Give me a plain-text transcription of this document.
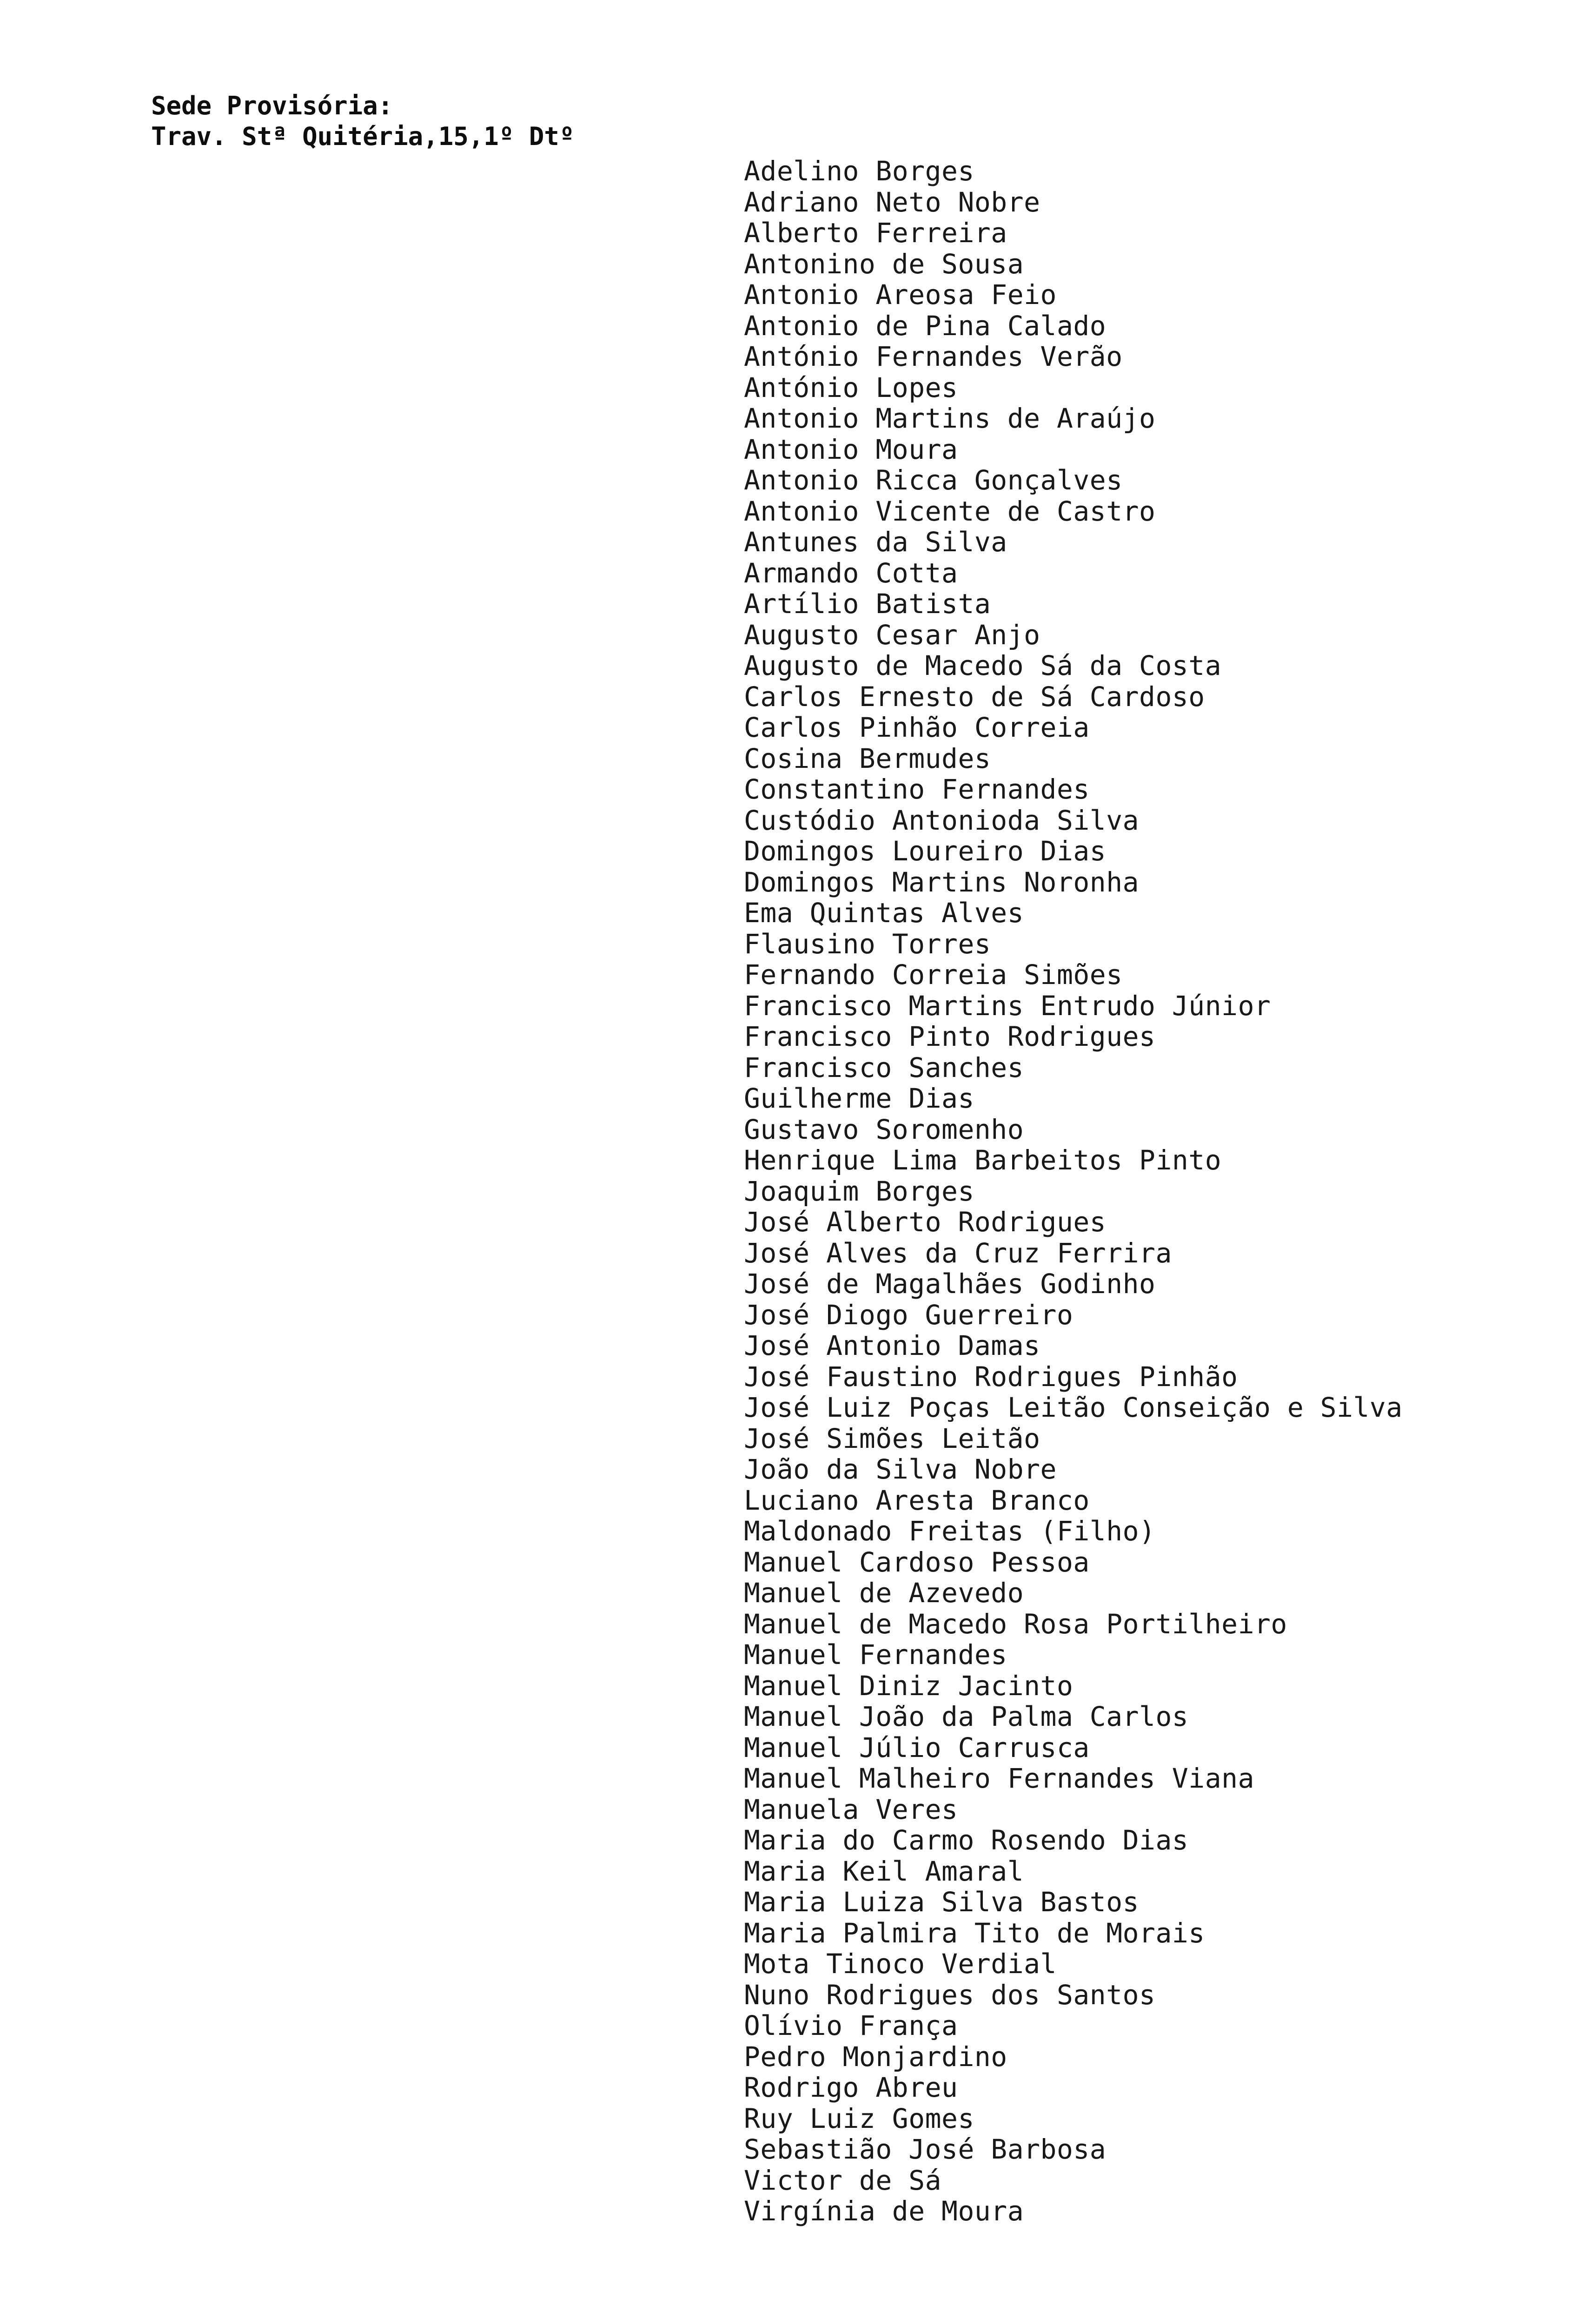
Sede Provisória:
Trav. Stª Quitéria,15,1º Dtº
Adelino Borges
Adriano Neto Nobre
Alberto Ferreira
Antonino de Sousa
Antonio Areosa Feio
Antonio de Pina Calado
António Fernandes Verão
António Lopes
Antonio Martins de Araújo
Antonio Moura
Antonio Ricca Gonçalves
Antonio Vicente de Castro
Antunes da Silva
Armando Cotta
Artílio Batista
Augusto Cesar Anjo
Augusto de Macedo Sá da Costa
Carlos Ernesto de Sá Cardoso
Carlos Pinhão Correia
Cosina Bermudes
Constantino Fernandes
Custódio Antonioda Silva
Domingos Loureiro Dias
Domingos Martins Noronha
Ema Quintas Alves
Flausino Torres
Fernando Correia Simões
Francisco Martins Entrudo Júnior
Francisco Pinto Rodrigues
Francisco Sanches
Guilherme Dias
Gustavo Soromenho
Henrique Lima Barbeitos Pinto
Joaquim Borges
José Alberto Rodrigues
José Alves da Cruz Ferrira
José de Magalhães Godinho
José Diogo Guerreiro
José Antonio Damas
José Faustino Rodrigues Pinhão
José Luiz Poças Leitão Conseição e Silva
José Simões Leitão
João da Silva Nobre
Luciano Aresta Branco
Maldonado Freitas (Filho)
Manuel Cardoso Pessoa
Manuel de Azevedo
Manuel de Macedo Rosa Portilheiro
Manuel Fernandes
Manuel Diniz Jacinto
Manuel João da Palma Carlos
Manuel Júlio Carrusca
Manuel Malheiro Fernandes Viana
Manuela Veres
Maria do Carmo Rosendo Dias
Maria Keil Amaral
Maria Luiza Silva Bastos
Maria Palmira Tito de Morais
Mota Tinoco Verdial
Nuno Rodrigues dos Santos
Olívio França
Pedro Monjardino
Rodrigo Abreu
Ruy Luiz Gomes
Sebastião José Barbosa
Victor de Sá
Virgínia de Moura
